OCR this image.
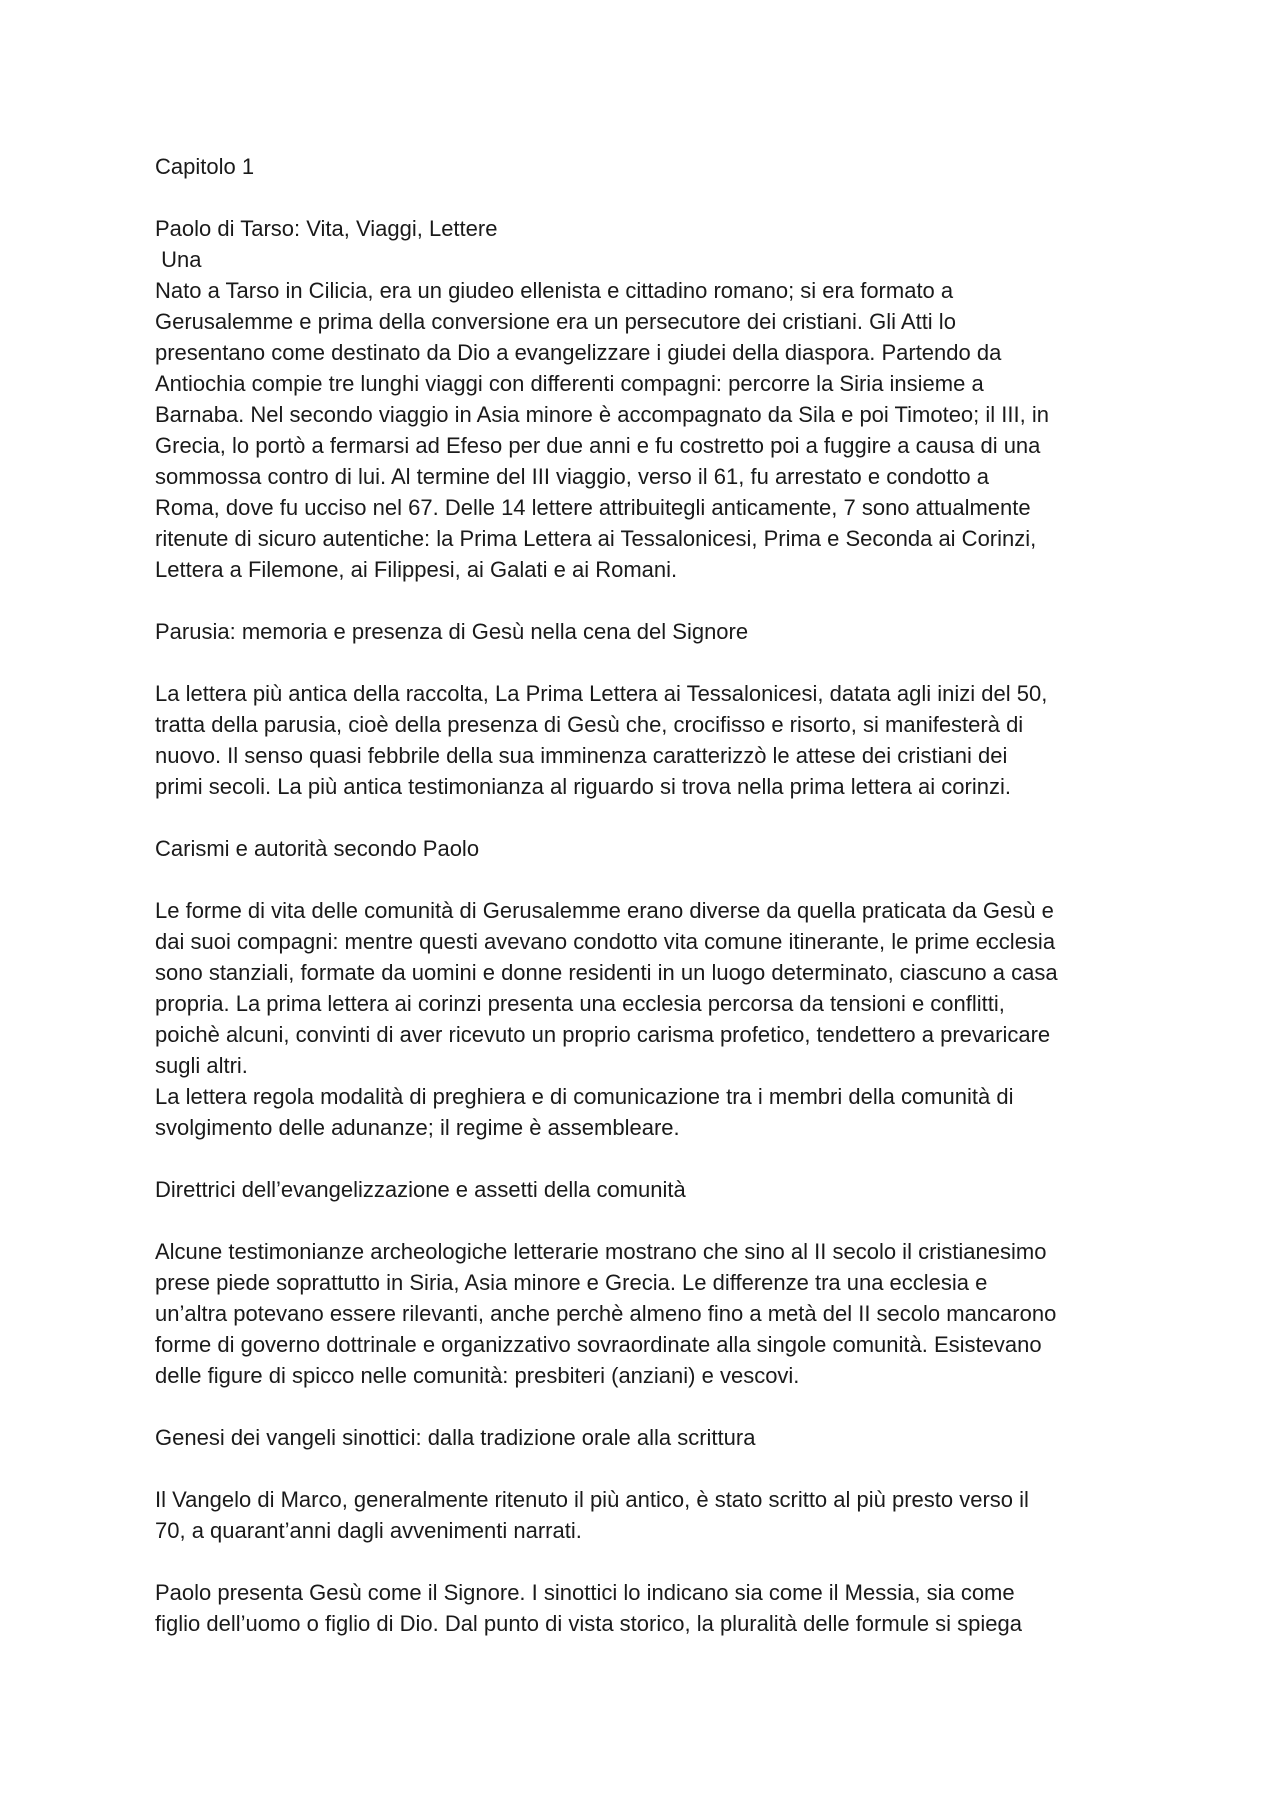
Capitolo 1

Paolo di Tarso: Vita, Viaggi, Lettere

Una

Nato a Tarso in Cilicia, era un giudeo ellenista e cittadino romano; si era formato a
Gerusalemme e prima della conversione era un persecutore dei cristiani. Gli Atti lo
presentano come destinato da Dio a evangelizzare i giudei della diaspora. Partendo da
Antiochia compie tre lunghi viaggi con differenti compagni: percorre la Siria insieme a
Barnaba. Nel secondo viaggio in Asia minore è accompagnato da Sila e poi Timoteo; il III, in
Grecia, lo portò a fermarsi ad Efeso per due anni e fu costretto poi a fuggire a causa di una
sommossa contro di lui. Al termine del III viaggio, verso il 61, fu arrestato e condotto a
Roma, dove fu ucciso nel 67. Delle 14 lettere attribuitegli anticamente, 7 sono attualmente
ritenute di sicuro autentiche: la Prima Lettera ai Tessalonicesi, Prima e Seconda ai Corinzi,
Lettera a Filemone, ai Filippesi, ai Galati e ai Romani.

Parusia: memoria e presenza di Gesù nella cena del Signore

La lettera più antica della raccolta, La Prima Lettera ai Tessalonicesi, datata agli inizi del 50,
tratta della parusia, cioè della presenza di Gesù che, crocifisso e risorto, si manifesterà di
nuovo. Il senso quasi febbrile della sua imminenza caratterizzò le attese dei cristiani dei
primi secoli. La più antica testimonianza al riguardo si trova nella prima lettera ai corinzi.

Carismi e autorità secondo Paolo

Le forme di vita delle comunità di Gerusalemme erano diverse da quella praticata da Gesù e
dai suoi compagni: mentre questi avevano condotto vita comune itinerante, le prime ecclesia
sono stanziali, formate da uomini e donne residenti in un luogo determinato, ciascuno a casa
propria. La prima lettera ai corinzi presenta una ecclesia percorsa da tensioni e conflitti,
poichè alcuni, convinti di aver ricevuto un proprio carisma profetico, tendettero a prevaricare
sugli altri.

La lettera regola modalità di preghiera e di comunicazione tra i membri della comunità di
svolgimento delle adunanze; il regime è assembleare.

Direttrici dell’evangelizzazione e assetti della comunità

Alcune testimonianze archeologiche letterarie mostrano che sino al II secolo il cristianesimo
prese piede soprattutto in Siria, Asia minore e Grecia. Le differenze tra una ecclesia e
un’altra potevano essere rilevanti, anche perchè almeno fino a metà del II secolo mancarono
forme di governo dottrinale e organizzativo sovraordinate alla singole comunità. Esistevano
delle figure di spicco nelle comunità: presbiteri (anziani) e vescovi.

Genesi dei vangeli sinottici: dalla tradizione orale alla scrittura

Il Vangelo di Marco, generalmente ritenuto il più antico, è stato scritto al più presto verso il
70, a quarant’anni dagli avvenimenti narrati.

Paolo presenta Gesù come il Signore. I sinottici lo indicano sia come il Messia, sia come
figlio dell’uomo o figlio di Dio. Dal punto di vista storico, la pluralità delle formule si spiega
